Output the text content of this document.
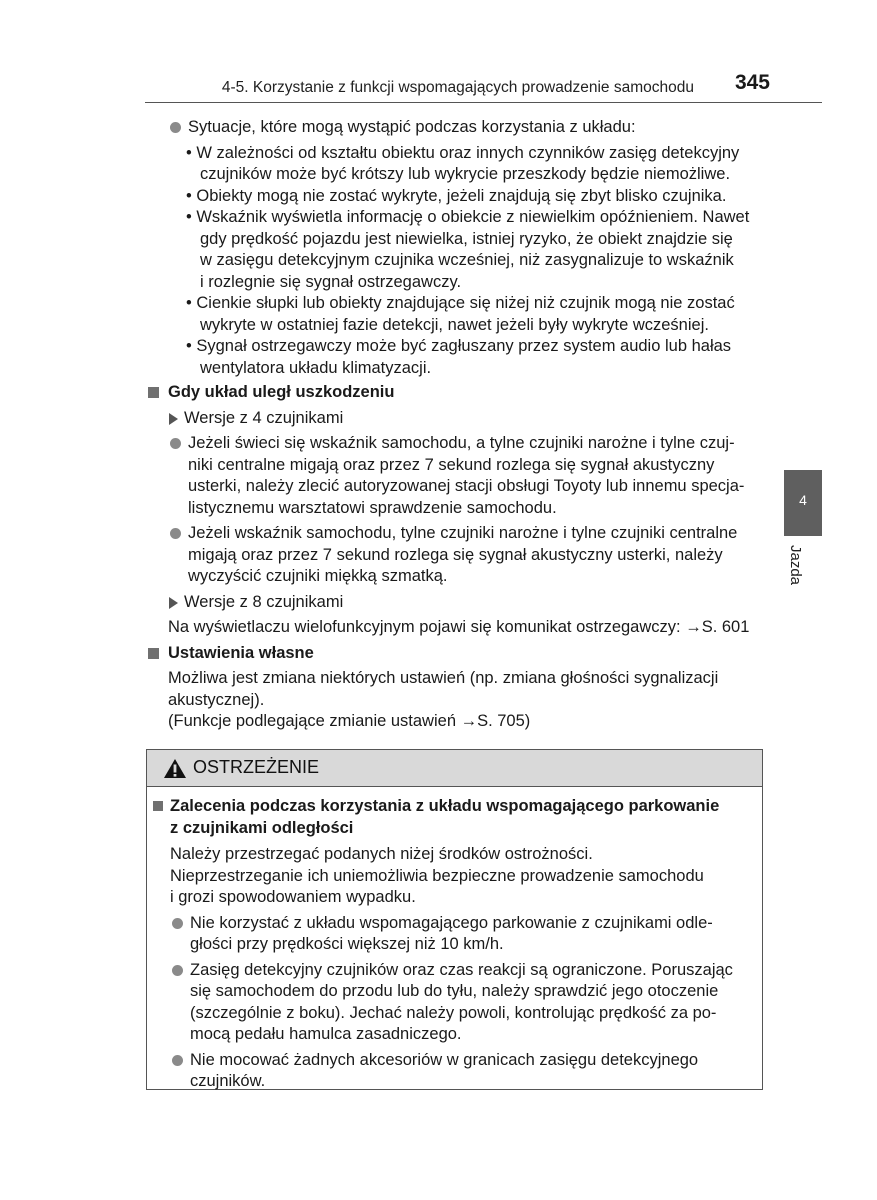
4-5. Korzystanie z funkcji wspomagających prowadzenie samochodu 345
4
Jazda
Sytuacje, które mogą wystąpić podczas korzystania z układu:
• W zależności od kształtu obiektu oraz innych czynników zasięg detekcyjny
czujników może być krótszy lub wykrycie przeszkody będzie niemożliwe.
• Obiekty mogą nie zostać wykryte, jeżeli znajdują się zbyt blisko czujnika.
• Wskaźnik wyświetla informację o obiekcie z niewielkim opóźnieniem. Nawet
gdy prędkość pojazdu jest niewielka, istniej ryzyko, że obiekt znajdzie się
w zasięgu detekcyjnym czujnika wcześniej, niż zasygnalizuje to wskaźnik
i rozlegnie się sygnał ostrzegawczy.
• Cienkie słupki lub obiekty znajdujące się niżej niż czujnik mogą nie zostać
wykryte w ostatniej fazie detekcji, nawet jeżeli były wykryte wcześniej.
• Sygnał ostrzegawczy może być zagłuszany przez system audio lub hałas
wentylatora układu klimatyzacji.
Gdy układ uległ uszkodzeniu
Wersje z 4 czujnikami
Jeżeli świeci się wskaźnik samochodu, a tylne czujniki narożne i tylne czuj-
niki centralne migają oraz przez 7 sekund rozlega się sygnał akustyczny
usterki, należy zlecić autoryzowanej stacji obsługi Toyoty lub innemu specja-
listycznemu warsztatowi sprawdzenie samochodu.
Jeżeli wskaźnik samochodu, tylne czujniki narożne i tylne czujniki centralne
migają oraz przez 7 sekund rozlega się sygnał akustyczny usterki, należy
wyczyścić czujniki miękką szmatką.
Wersje z 8 czujnikami
Na wyświetlaczu wielofunkcyjnym pojawi się komunikat ostrzegawczy: →S. 601
Ustawienia własne
Możliwa jest zmiana niektórych ustawień (np. zmiana głośności sygnalizacji
akustycznej).
(Funkcje podlegające zmianie ustawień →S. 705)
OSTRZEŻENIE
Zalecenia podczas korzystania z układu wspomagającego parkowanie
z czujnikami odległości
Należy przestrzegać podanych niżej środków ostrożności.
Nieprzestrzeganie ich uniemożliwia bezpieczne prowadzenie samochodu
i grozi spowodowaniem wypadku.
Nie korzystać z układu wspomagającego parkowanie z czujnikami odle-
głości przy prędkości większej niż 10 km/h.
Zasięg detekcyjny czujników oraz czas reakcji są ograniczone. Poruszając
się samochodem do przodu lub do tyłu, należy sprawdzić jego otoczenie
(szczególnie z boku). Jechać należy powoli, kontrolując prędkość za po-
mocą pedału hamulca zasadniczego.
Nie mocować żadnych akcesoriów w granicach zasięgu detekcyjnego
czujników.
